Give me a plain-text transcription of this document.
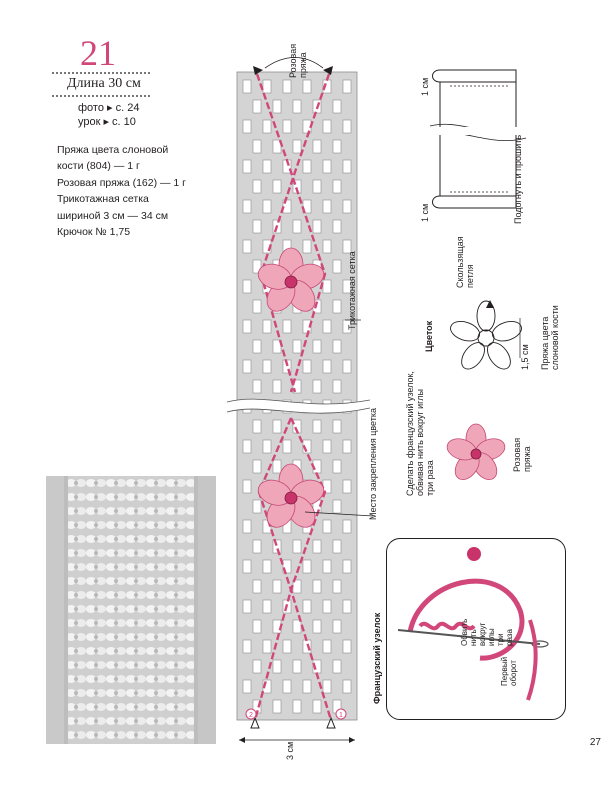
21
Длина 30 см
фото ▸ с. 24
урок ▸ с. 10
Пряжа цвета слоновой
кости (804) — 1 г
Розовая пряжа (162) — 1 г
Трикотажная сетка
шириной 3 см — 34 см
Крючок № 1,75
2	1
Розовая пряжа
Трикотажная сетка
Место закрепления цветка
3 см
1 см
1 см	Подогнуть и прошить
Цветок
Скользящая петля
1,5 см Пряжа цвета слоновой кости
Сделать французский узелок, обвивая нить вокруг иглы три раза
Розовая пряжа
Французский узелок	Обвить нить вокруг иглы три раза
Первый оборот
27
